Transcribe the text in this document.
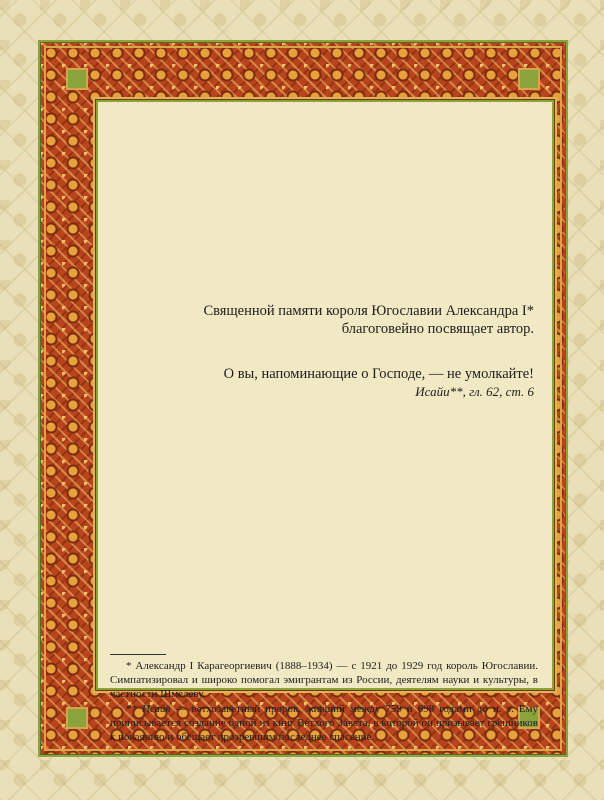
Священной памяти короля Югославии Александра I*
благоговейно посвящает автор.
О вы, напоминающие о Господе, — не умолкайте!
Исайи**, гл. 62, ст. 6

* Александр I Карагеоргиевич (1888–1934) — с 1921 до 1929 год король Югославии. Симпатизировал и широко помогал эмигрантам из России, деятелям науки и культуры, в частности Шмелеву.

** Исайя — ветхозаветный пророк, живший между 759 и 698 годами до н. э. Ему приписывается создание одной из книг Ветхого Завета, в которой он призывает грешников к покаянию и обещает прозревшим последнее спасение.
